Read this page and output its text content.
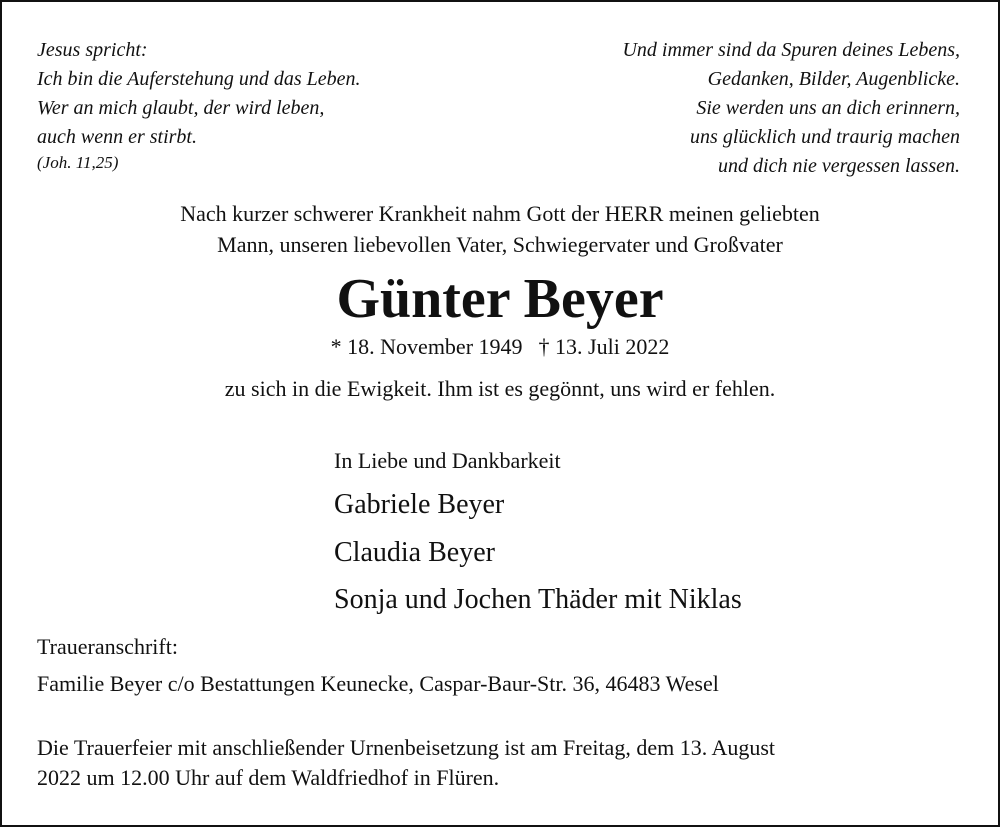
Jesus spricht:
Ich bin die Auferstehung und das Leben.
Wer an mich glaubt, der wird leben,
auch wenn er stirbt.
(Joh. 11,25)
Und immer sind da Spuren deines Lebens,
Gedanken, Bilder, Augenblicke.
Sie werden uns an dich erinnern,
uns glücklich und traurig machen
und dich nie vergessen lassen.
Nach kurzer schwerer Krankheit nahm Gott der HERR meinen geliebten
Mann, unseren liebevollen Vater, Schwiegervater und Großvater
Günter Beyer
* 18. November 1949 † 13. Juli 2022
zu sich in die Ewigkeit. Ihm ist es gegönnt, uns wird er fehlen.
In Liebe und Dankbarkeit
Gabriele Beyer
Claudia Beyer
Sonja und Jochen Thäder mit Niklas
Traueranschrift:
Familie Beyer c/o Bestattungen Keunecke, Caspar-Baur-Str. 36, 46483 Wesel
Die Trauerfeier mit anschließender Urnenbeisetzung ist am Freitag, dem 13. August
2022 um 12.00 Uhr auf dem Waldfriedhof in Flüren.
